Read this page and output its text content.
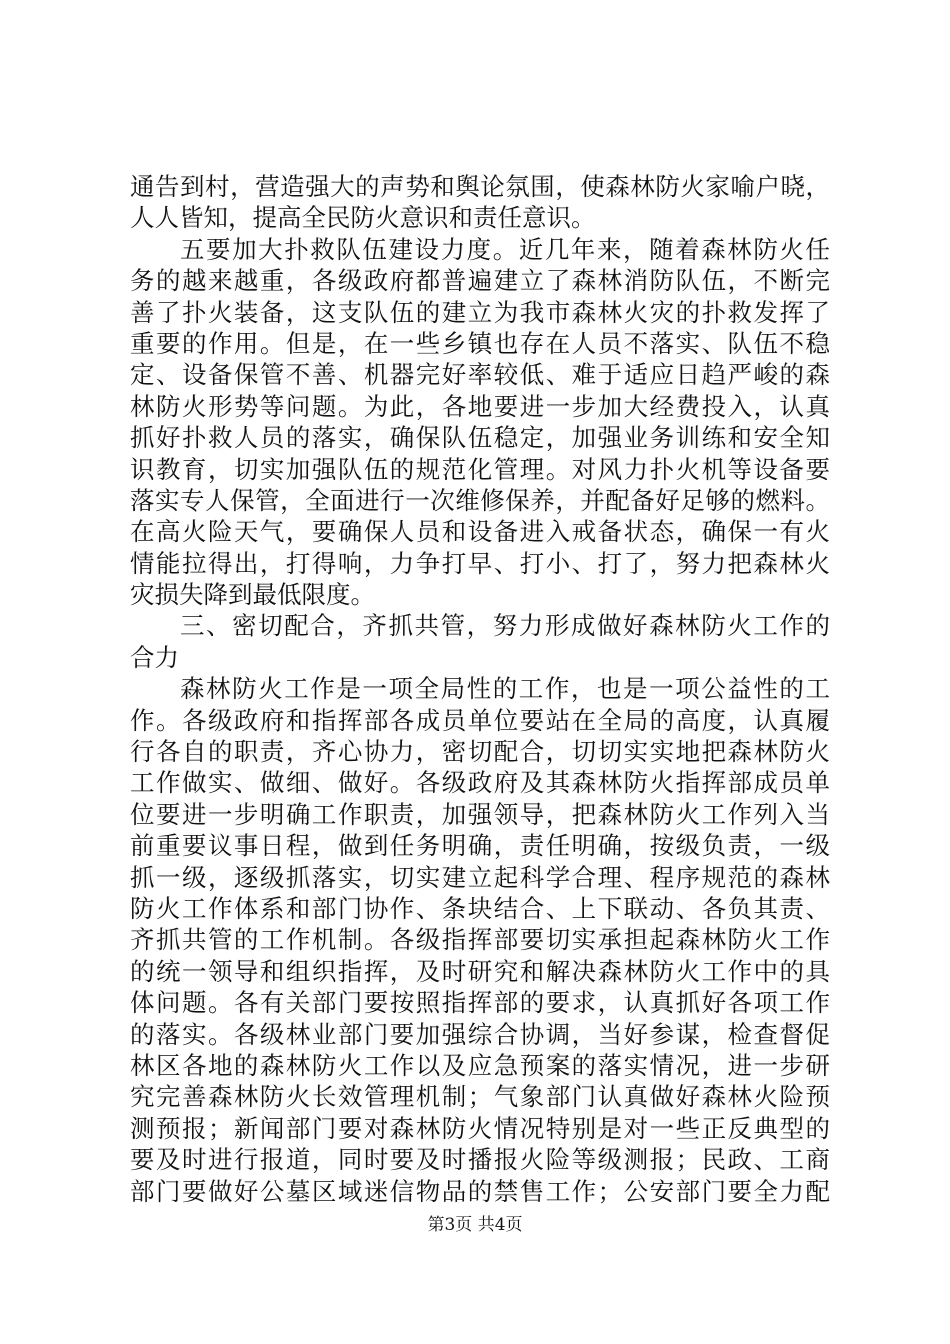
通告到村，营造强大的声势和舆论氛围，使森林防火家喻户晓，
人人皆知，提高全民防火意识和责任意识。
五要加大扑救队伍建设力度。近几年来，随着森林防火任
务的越来越重，各级政府都普遍建立了森林消防队伍，不断完
善了扑火装备，这支队伍的建立为我市森林火灾的扑救发挥了
重要的作用。但是，在一些乡镇也存在人员不落实、队伍不稳
定、设备保管不善、机器完好率较低、难于适应日趋严峻的森
林防火形势等问题。为此，各地要进一步加大经费投入，认真
抓好扑救人员的落实，确保队伍稳定，加强业务训练和安全知
识教育，切实加强队伍的规范化管理。对风力扑火机等设备要
落实专人保管，全面进行一次维修保养，并配备好足够的燃料。
在高火险天气，要确保人员和设备进入戒备状态，确保一有火
情能拉得出，打得响，力争打早、打小、打了，努力把森林火
灾损失降到最低限度。
三、密切配合，齐抓共管，努力形成做好森林防火工作的
合力
森林防火工作是一项全局性的工作，也是一项公益性的工
作。各级政府和指挥部各成员单位要站在全局的高度，认真履
行各自的职责，齐心协力，密切配合，切切实实地把森林防火
工作做实、做细、做好。各级政府及其森林防火指挥部成员单
位要进一步明确工作职责，加强领导，把森林防火工作列入当
前重要议事日程，做到任务明确，责任明确，按级负责，一级
抓一级，逐级抓落实，切实建立起科学合理、程序规范的森林
防火工作体系和部门协作、条块结合、上下联动、各负其责、
齐抓共管的工作机制。各级指挥部要切实承担起森林防火工作
的统一领导和组织指挥，及时研究和解决森林防火工作中的具
体问题。各有关部门要按照指挥部的要求，认真抓好各项工作
的落实。各级林业部门要加强综合协调，当好参谋，检查督促
林区各地的森林防火工作以及应急预案的落实情况，进一步研
究完善森林防火长效管理机制；气象部门认真做好森林火险预
测预报；新闻部门要对森林防火情况特别是对一些正反典型的
要及时进行报道，同时要及时播报火险等级测报；民政、工商
部门要做好公墓区域迷信物品的禁售工作；公安部门要全力配
第3页 共4页
